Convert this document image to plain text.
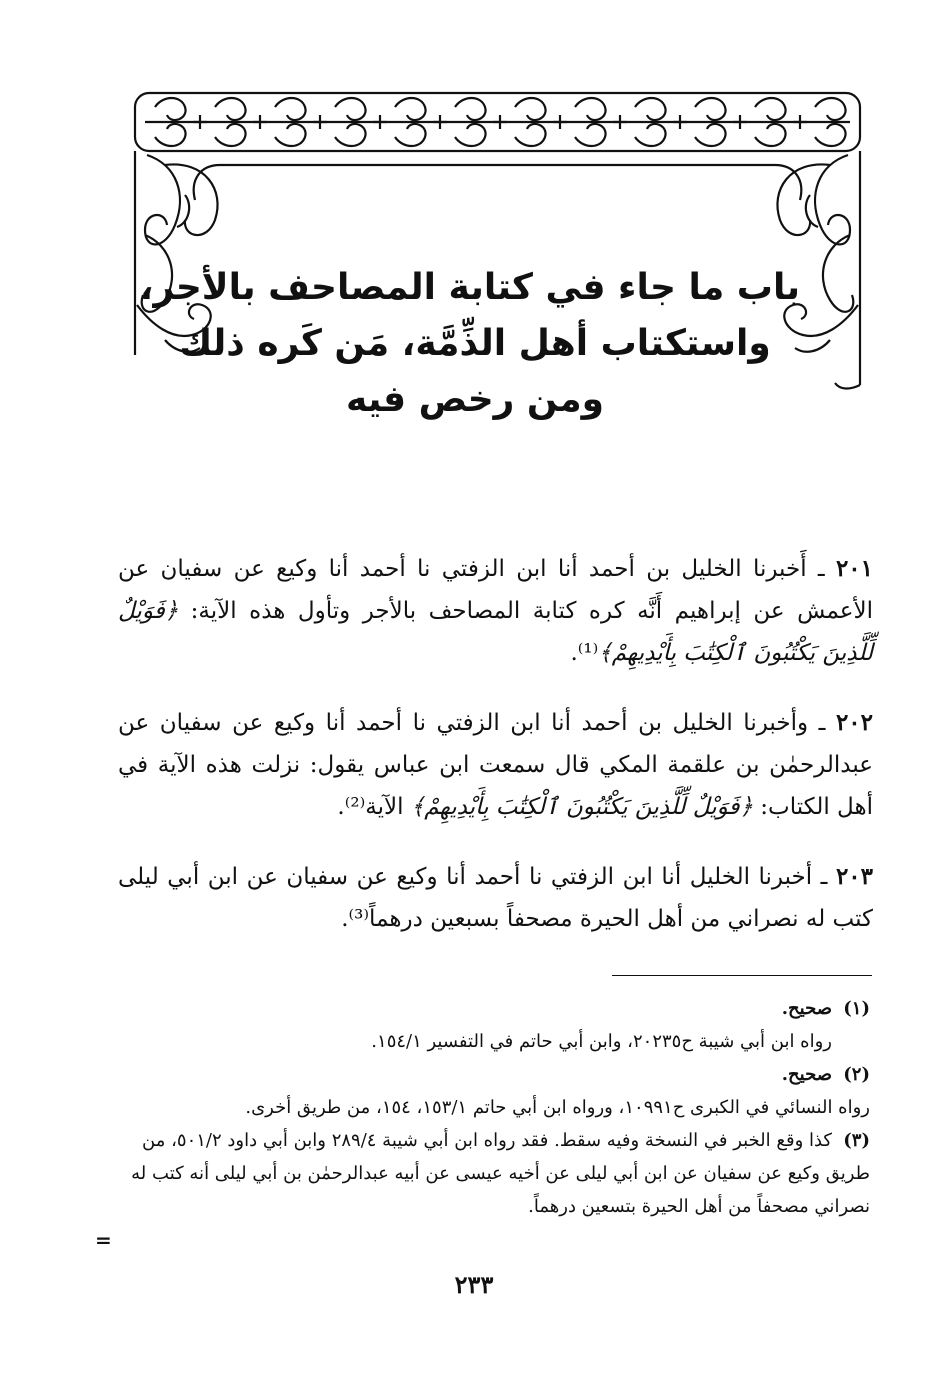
باب ما جاء في كتابة المصاحف بالأجر،
واستكتاب أهل الذِّمَّة، مَن كَره ذلك
ومن رخص فيه

٢٠١ ـ أَخبرنا الخليل بن أحمد أنا ابن الزفتي نا أحمد أنا وكيع عن سفيان عن الأعمش عن إبراهيم أَنَّه كره كتابة المصاحف بالأجر وتأول هذه الآية: ﴿فَوَيْلٌ لِّلَّذِينَ يَكْتُبُونَ ٱلْكِتَٰبَ بِأَيْدِيهِمْ﴾⁽¹⁾.

٢٠٢ ـ وأخبرنا الخليل بن أحمد أنا ابن الزفتي نا أحمد أنا وكيع عن سفيان عن عبدالرحمٰن بن علقمة المكي قال سمعت ابن عباس يقول: نزلت هذه الآية في أهل الكتاب: ﴿فَوَيْلٌ لِّلَّذِينَ يَكْتُبُونَ ٱلْكِتَٰبَ بِأَيْدِيهِمْ﴾ الآية⁽²⁾.

٢٠٣ ـ أخبرنا الخليل أنا ابن الزفتي نا أحمد أنا وكيع عن سفيان عن ابن أبي ليلى كتب له نصراني من أهل الحيرة مصحفاً بسبعين درهماً⁽³⁾.

(١)صحيح.
رواه ابن أبي شيبة ح٢٠٢٣٥، وابن أبي حاتم في التفسير ١٥٤/١.
(٢)صحيح.
رواه النسائي في الكبرى ح١٠٩٩١، ورواه ابن أبي حاتم ١٥٣/١، ١٥٤، من طريق أخرى.
(٣)كذا وقع الخبر في النسخة وفيه سقط. فقد رواه ابن أبي شيبة ٢٨٩/٤ وابن أبي داود ٥٠١/٢، من طريق وكيع عن سفيان عن ابن أبي ليلى عن أخيه عيسى عن أبيه عبدالرحمٰن بن أبي ليلى أنه كتب له نصراني مصحفاً من أهل الحيرة بتسعين درهماً.
=
٢٣٣
